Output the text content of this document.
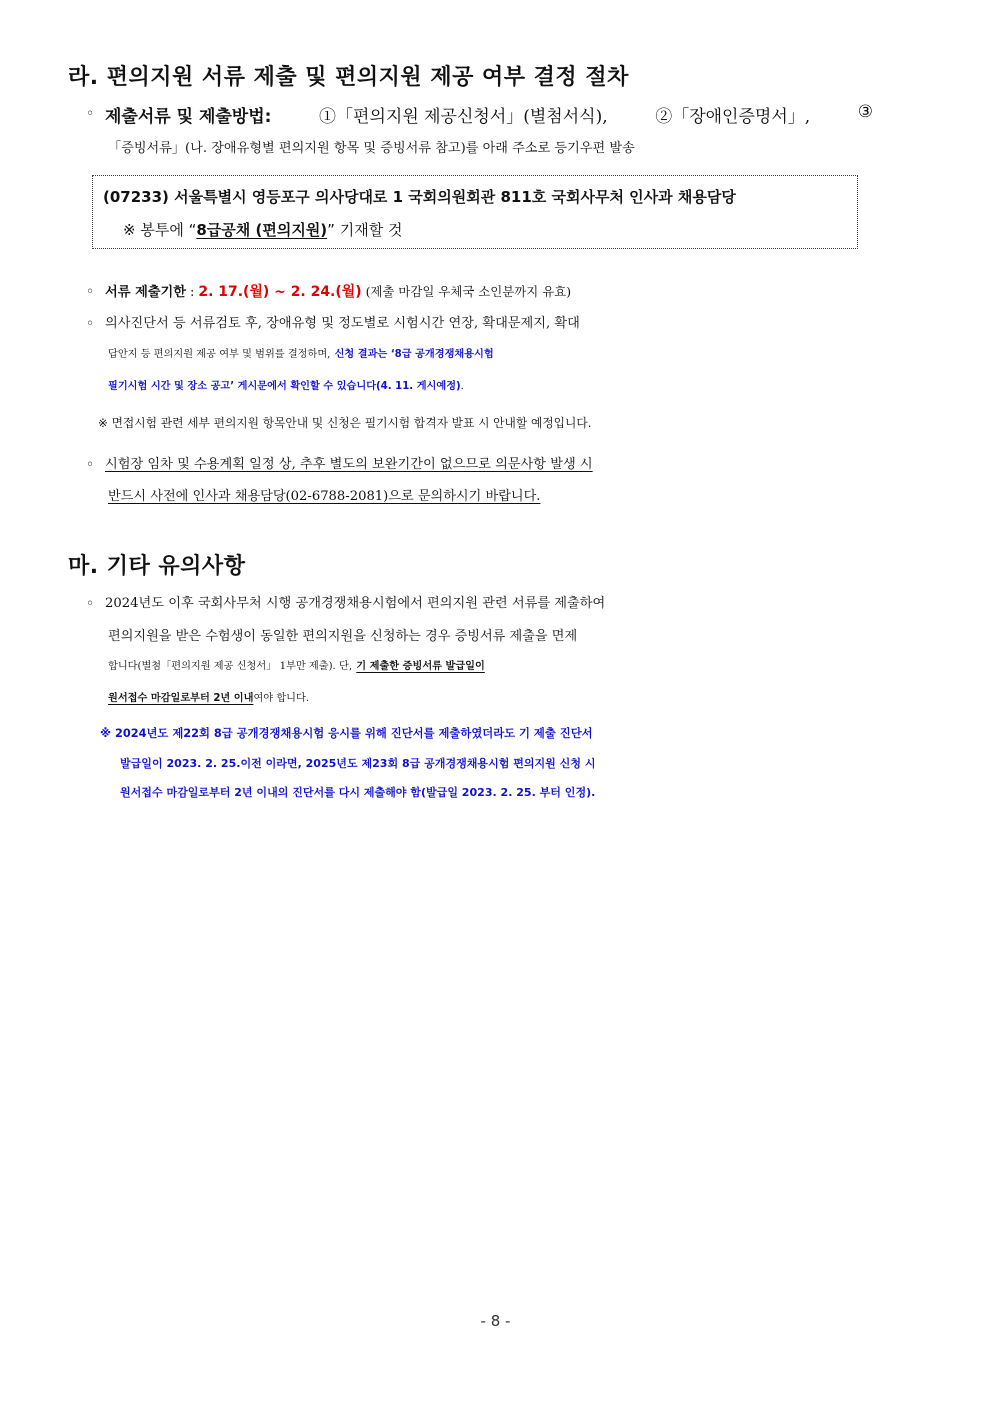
라. 편의지원 서류 제출 및 편의지원 제공 여부 결정 절차
◦ 제출서류 및 제출방법:	①「편의지원 제공신청서」(별첨서식),	②「장애인증명서」,	③
「증빙서류」(나. 장애유형별 편의지원 항목 및 증빙서류 참고)를 아래 주소로 등기우편 발송
(07233) 서울특별시 영등포구 의사당대로 1 국회의원회관 811호 국회사무처 인사과 채용담당
※ 봉투에 “8급공채 (편의지원)” 기재할 것
◦ 서류 제출기한 : 2. 17.(월) ~ 2. 24.(월) (제출 마감일 우체국 소인분까지 유효)
◦ 의사진단서 등 서류검토 후, 장애유형 및 정도별로 시험시간 연장, 확대문제지, 확대
답안지 등 편의지원 제공 여부 및 범위를 결정하며, 신청 결과는 ‘8급 공개경쟁채용시험
필기시험 시간 및 장소 공고’ 게시문에서 확인할 수 있습니다(4. 11. 게시예정).
※ 면접시험 관련 세부 편의지원 항목안내 및 신청은 필기시험 합격자 발표 시 안내할 예정입니다.
◦ 시험장 임차 및 수용계획 일정 상, 추후 별도의 보완기간이 없으므로 의문사항 발생 시
반드시 사전에 인사과 채용담당(02-6788-2081)으로 문의하시기 바랍니다.
마. 기타 유의사항
◦ 2024년도 이후 국회사무처 시행 공개경쟁채용시험에서 편의지원 관련 서류를 제출하여
편의지원을 받은 수험생이 동일한 편의지원을 신청하는 경우 증빙서류 제출을 면제
합니다(별첨「편의지원 제공 신청서」 1부만 제출). 단, 기 제출한 증빙서류 발급일이
원서접수 마감일로부터 2년 이내여야 합니다.
※ 2024년도 제22회 8급 공개경쟁채용시험 응시를 위해 진단서를 제출하였더라도 기 제출 진단서
발급일이 2023. 2. 25.이전 이라면, 2025년도 제23회 8급 공개경쟁채용시험 편의지원 신청 시
원서접수 마감일로부터 2년 이내의 진단서를 다시 제출해야 함(발급일 2023. 2. 25. 부터 인정).
- 8 -
